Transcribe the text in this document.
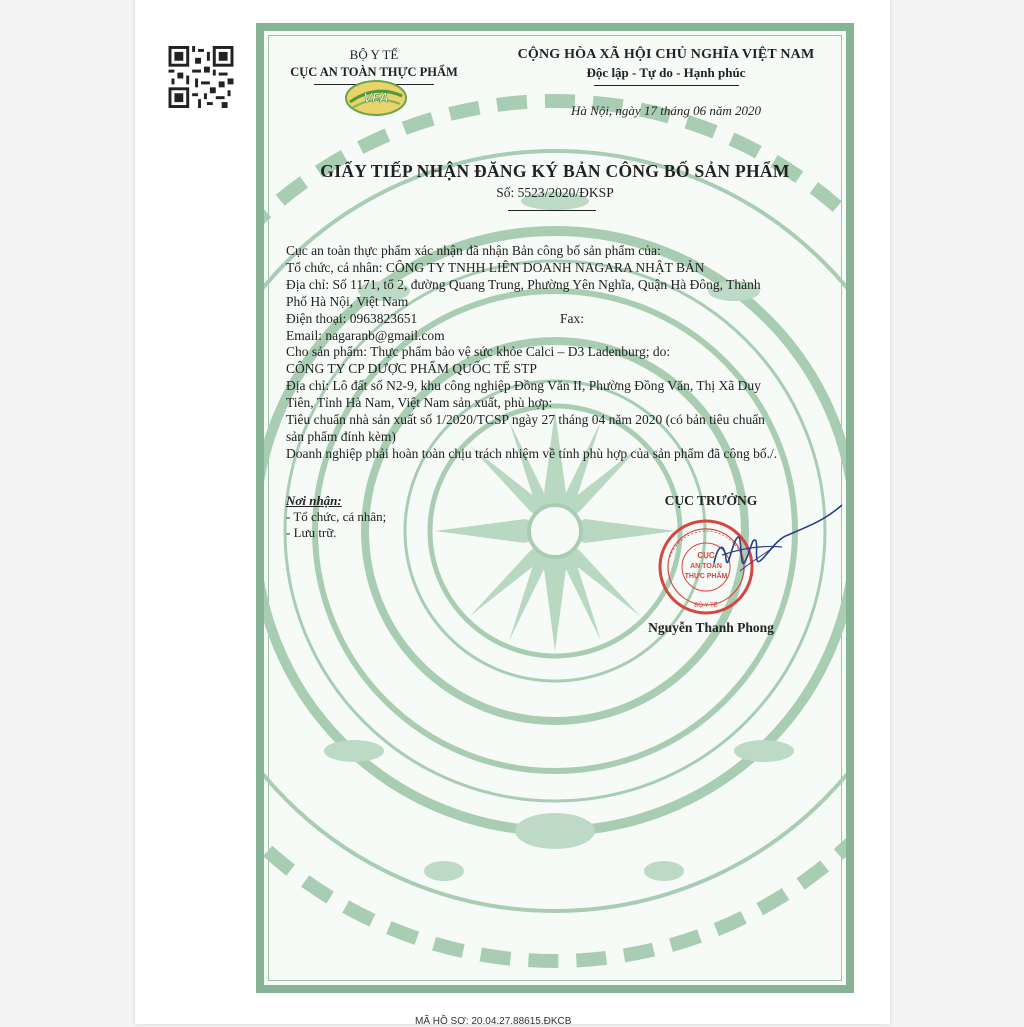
BỘ Y TẾ
CỤC AN TOÀN THỰC PHẨM
VFA
CỘNG HÒA XÃ HỘI CHỦ NGHĨA VIỆT NAM
Độc lập - Tự do - Hạnh phúc
Hà Nội, ngày 17 tháng 06 năm 2020
GIẤY TIẾP NHẬN ĐĂNG KÝ BẢN CÔNG BỐ SẢN PHẨM
Số: 5523/2020/ĐKSP
Cục an toàn thực phẩm xác nhận đã nhận Bản công bố sản phẩm của:
Tổ chức, cá nhân: CÔNG TY TNHH LIÊN DOANH NAGARA NHẬT BẢN
Địa chỉ: Số 1171, tổ 2, đường Quang Trung, Phường Yên Nghĩa, Quận Hà Đông, Thành
Phố Hà Nội, Việt Nam
Điện thoại: 0963823651	Fax:
Email: nagaranb@gmail.com
Cho sản phẩm: Thực phẩm bảo vệ sức khỏe Calci – D3 Ladenburg; do:
CÔNG TY CP DƯỢC PHẨM QUỐC TẾ STP
Địa chỉ: Lô đất số N2-9, khu công nghiệp Đồng Văn II, Phường Đồng Văn, Thị Xã Duy
Tiên, Tỉnh Hà Nam, Việt Nam sản xuất, phù hợp:
Tiêu chuẩn nhà sản xuất số 1/2020/TCSP ngày 27 tháng 04 năm 2020 (có bản tiêu chuẩn
sản phẩm đính kèm)
Doanh nghiệp phải hoàn toàn chịu trách nhiệm về tính phù hợp của sản phẩm đã công bố./.
Nơi nhận:
- Tổ chức, cá nhân;
- Lưu trữ.
CỤC TRƯỞNG
CỤC
AN TOÀN
THỰC PHẨM
BỘ Y TẾ
Nguyễn Thanh Phong
MÃ HỒ SƠ: 20.04.27.88615.ĐKCB
